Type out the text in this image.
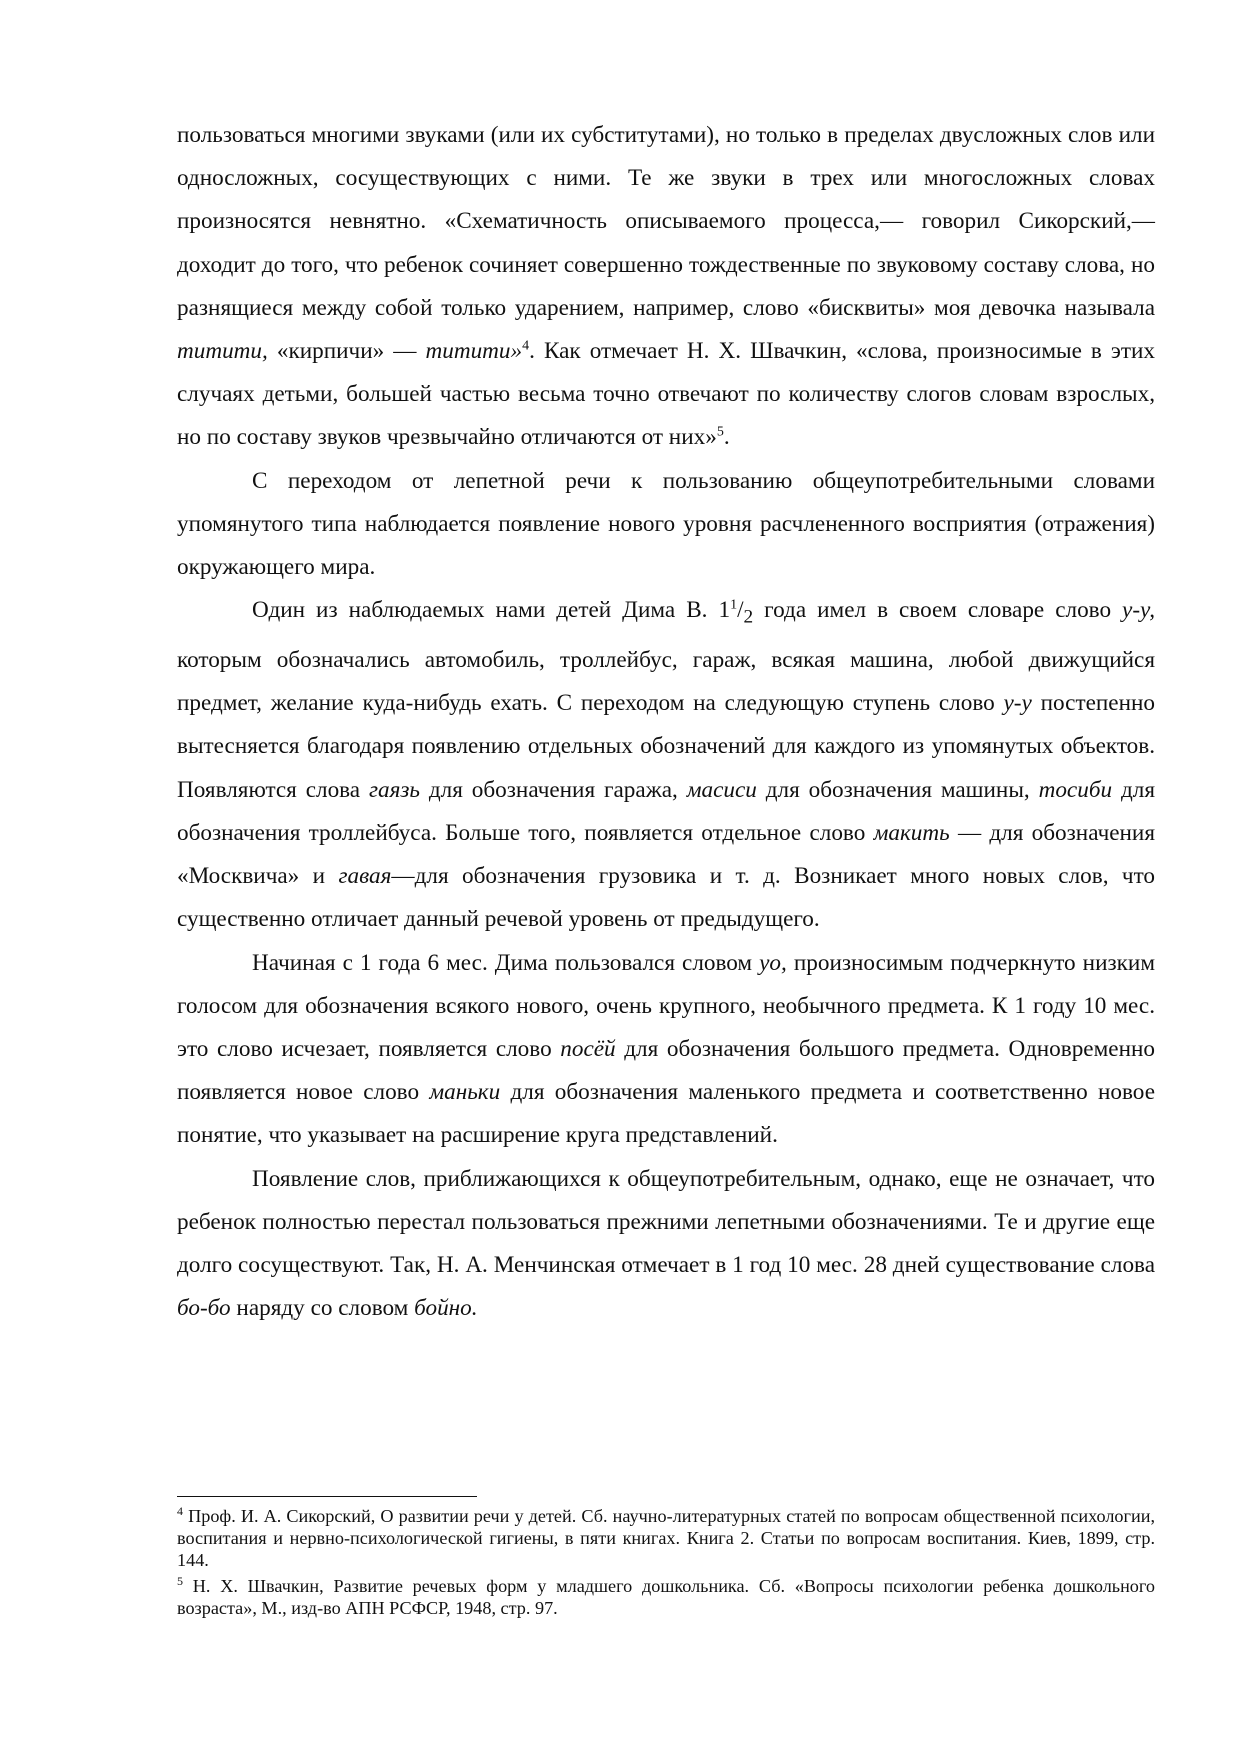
пользоваться многими звуками (или их субститутами), но только в пределах двусложных слов или односложных, сосуществующих с ними. Те же звуки в трех или многосложных словах произносятся невнятно. «Схематичность описываемого процесса,— говорил Сикорский,— доходит до того, что ребенок сочиняет совершенно тождественные по звуковому составу слова, но разнящиеся между собой только ударением, например, слово «бисквиты» моя девочка называла титити, «кирпичи» — титити»$^4$. Как отмечает Н. X. Швачкин, «слова, произносимые в этих случаях детьми, большей частью весьма точно отвечают по количеству слогов словам взрослых, но по составу звуков чрезвычайно отличаются от них»$^5$.

С переходом от лепетной речи к пользованию общеупотребительными словами упомянутого типа наблюдается появление нового уровня расчлененного восприятия (отражения) окружающего мира.

Один из наблюдаемых нами детей Дима В. $1^1/_2$ года имел в своем словаре слово у-у, которым обозначались автомобиль, троллейбус, гараж, всякая машина, любой движущийся предмет, желание куда-нибудь ехать. С переходом на следующую ступень слово у-у постепенно вытесняется благодаря появлению отдельных обозначений для каждого из упомянутых объектов. Появляются слова гаязь для обозначения гаража, масиси для обозначения машины, тосиби для обозначения троллейбуса. Больше того, появляется отдельное слово макить — для обозначения «Москвича» и гавая—для обозначения грузовика и т. д. Возникает много новых слов, что существенно отличает данный речевой уровень от предыдущего.

Начиная с 1 года 6 мес. Дима пользовался словом уо, произносимым подчеркнуто низким голосом для обозначения всякого нового, очень крупного, необычного предмета. К 1 году 10 мес. это слово исчезает, появляется слово посёй для обозначения большого предмета. Одновременно появляется новое слово маньки для обозначения маленького предмета и соответственно новое понятие, что указывает на расширение круга представлений.

Появление слов, приближающихся к общеупотребительным, однако, еще не означает, что ребенок полностью перестал пользоваться прежними лепетными обозначениями. Те и другие еще долго сосуществуют. Так, Н. А. Менчинская отмечает в 1 год 10 мес. 28 дней существование слова бо-бо наряду со словом бойно.

$^4$ Проф. И. А. Сикорский, О развитии речи у детей. Сб. научно-литературных статей по вопросам общественной психологии, воспитания и нервно-психологической гигиены, в пяти книгах. Книга 2. Статьи по вопросам воспитания. Киев, 1899, стр. 144.

$^5$ Н. X. Швачкин, Развитие речевых форм у младшего дошкольника. Сб. «Вопросы психологии ребенка дошкольного возраста», М., изд-во АПН РСФСР, 1948, стр. 97.
